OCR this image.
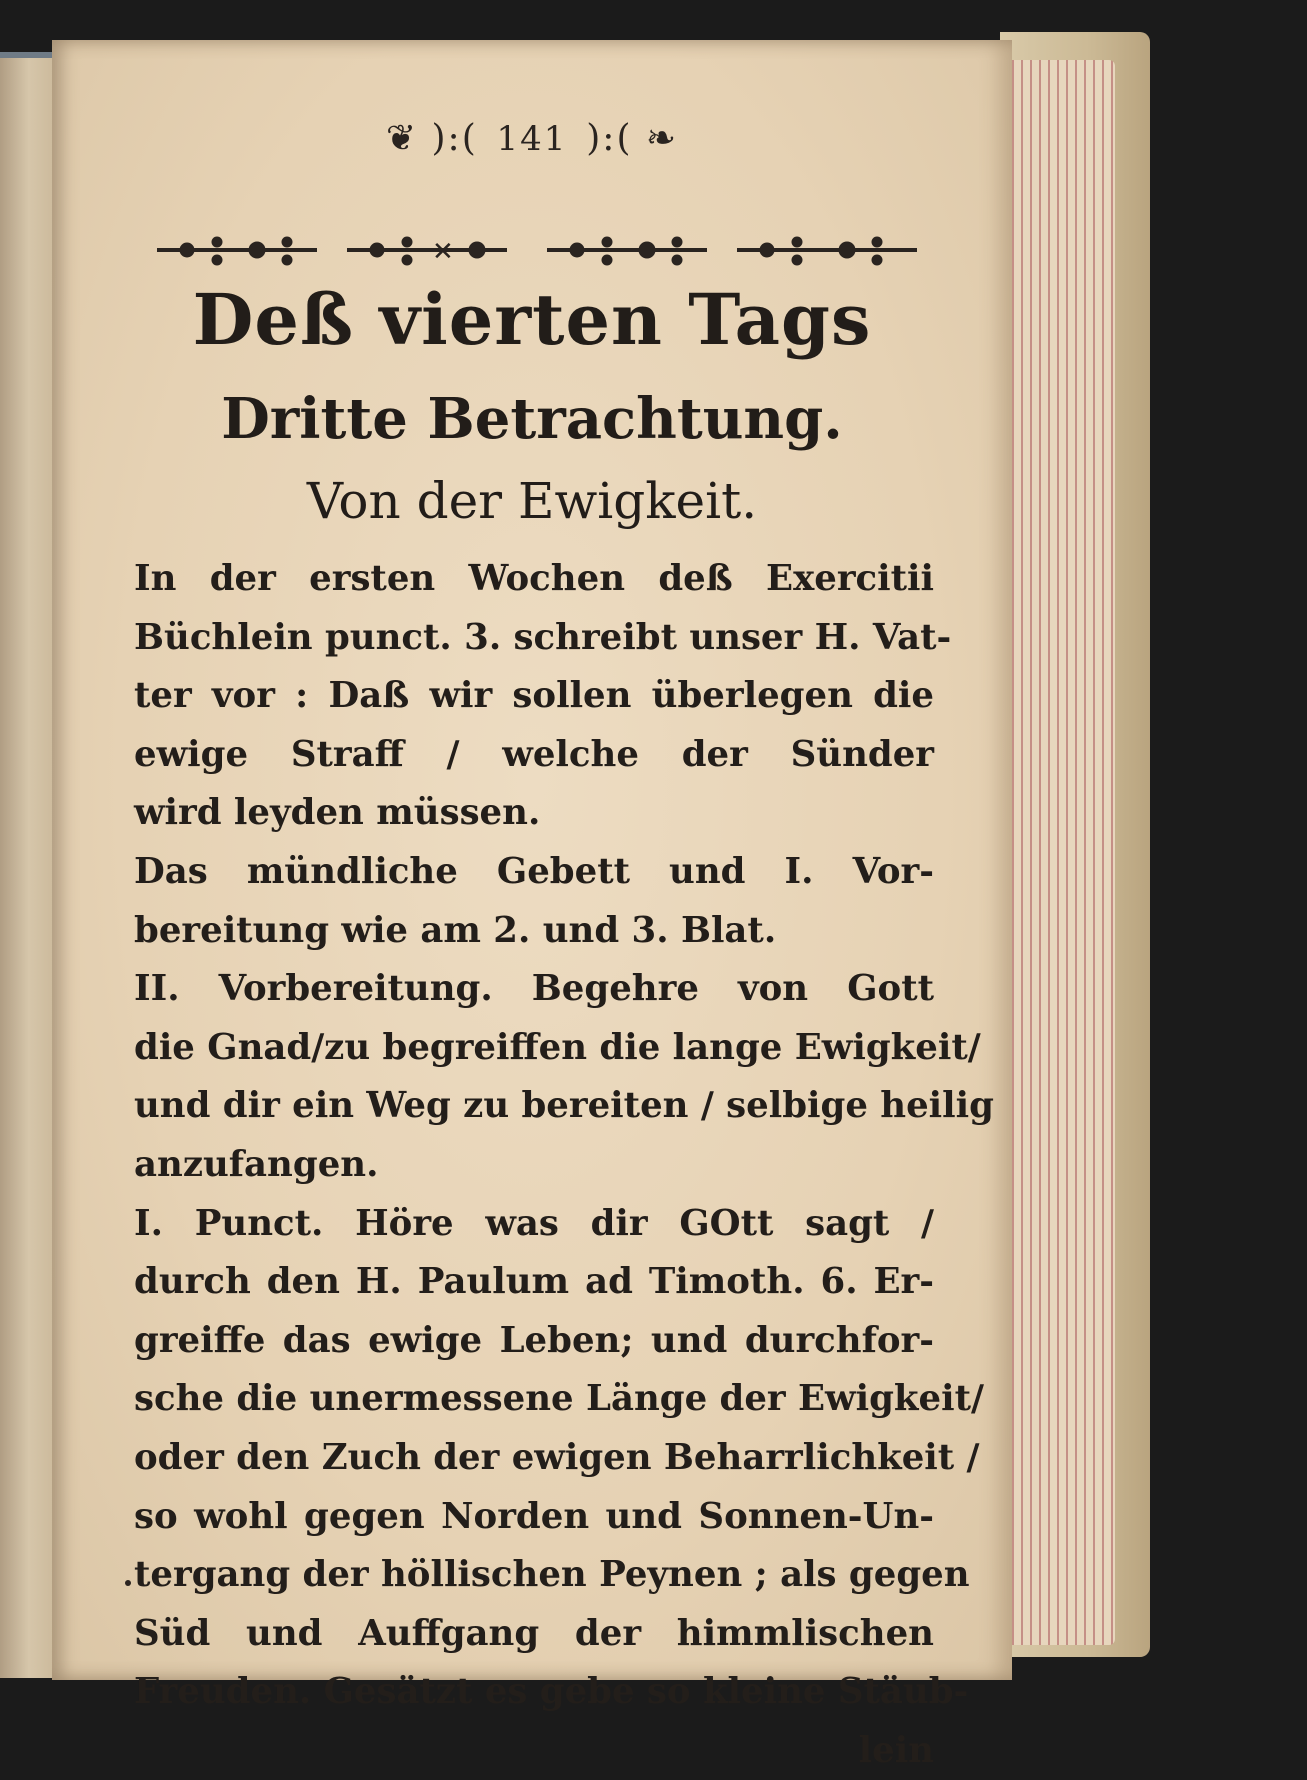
❦ ):( 141 ):( ❧
✕
Deß vierten Tags
Dritte Betrachtung.
Von der Ewigkeit.
In der ersten Wochen deß Exercitii
Büchlein punct. 3. schreibt unser H. Vat-
ter vor : Daß wir sollen überlegen die
ewige Straff / welche der Sünder
wird leyden müssen.
Das mündliche Gebett und I. Vor-
bereitung wie am 2. und 3. Blat.
II. Vorbereitung. Begehre von Gott
die Gnad/zu begreiffen die lange Ewigkeit/
und dir ein Weg zu bereiten / selbige heilig
anzufangen.
I. Punct. Höre was dir GOtt sagt /
durch den H. Paulum ad Timoth. 6. Er-
greiffe das ewige Leben; und durchfor-
sche die unermessene Länge der Ewigkeit/
oder den Zuch der ewigen Beharrlichkeit /
so wohl gegen Norden und Sonnen-Un-
tergang der höllischen Peynen ; als gegen
Süd und Auffgang der himmlischen
Freuden. Gesätzt es gebe so kleine Stäub-
lein
